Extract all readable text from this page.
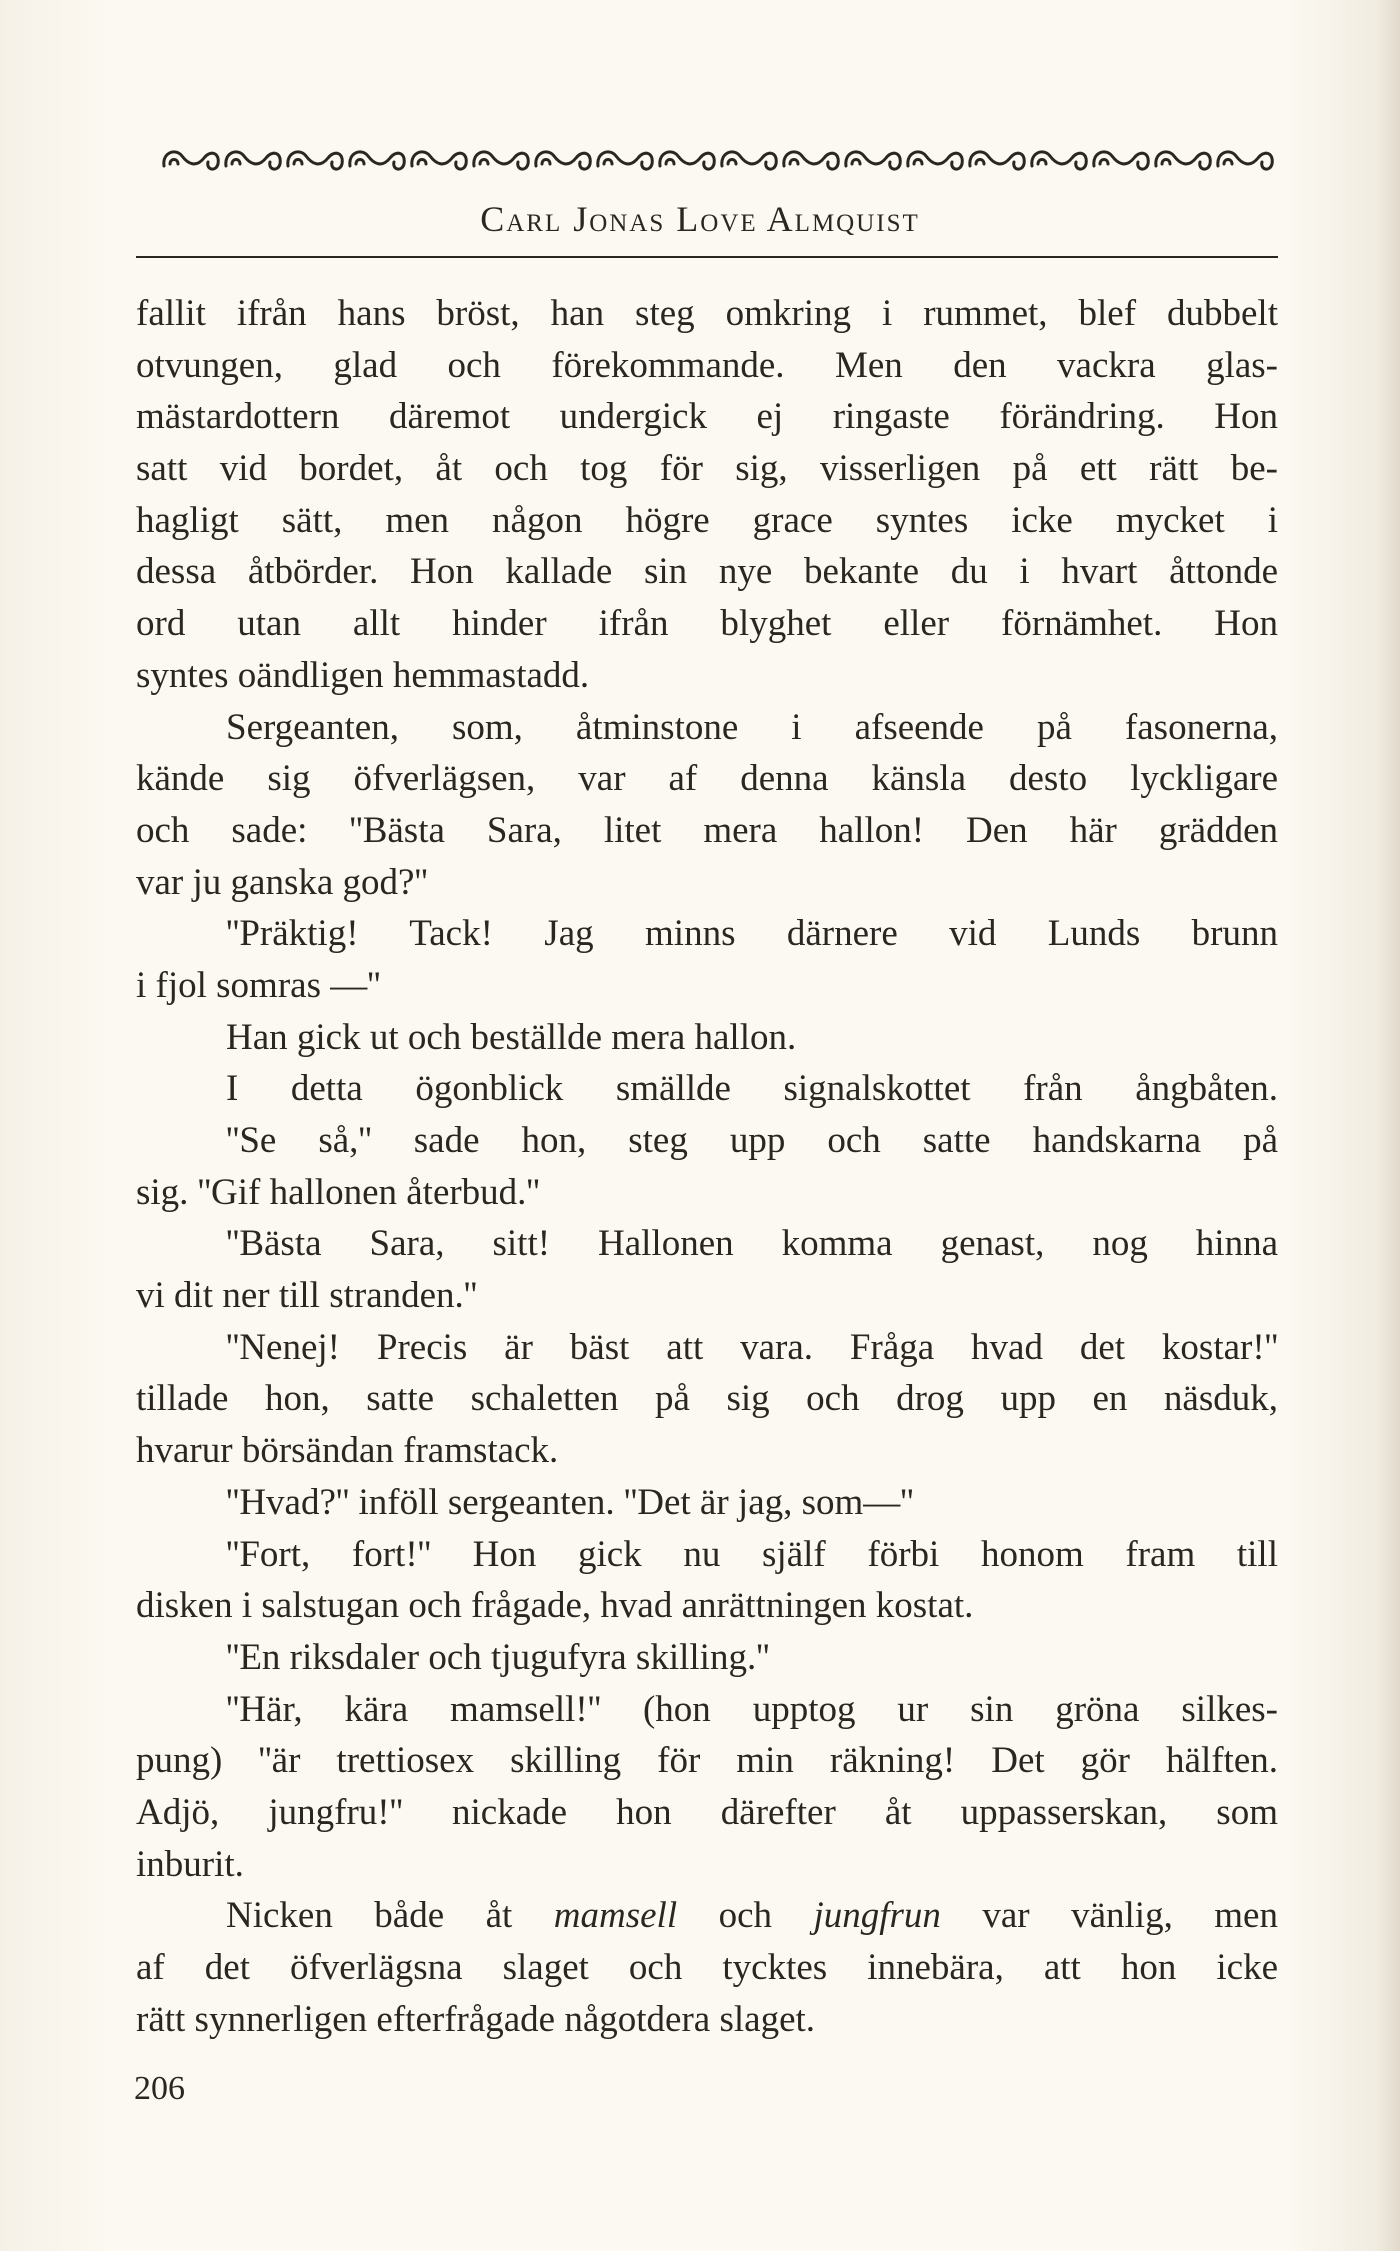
Carl Jonas Love Almquist
fallit ifrån hans bröst, han steg omkring i rummet, blef dubbelt
otvungen, glad och förekommande. Men den vackra glas-
mästardottern däremot undergick ej ringaste förändring. Hon
satt vid bordet, åt och tog för sig, visserligen på ett rätt be-
hagligt sätt, men någon högre grace syntes icke mycket i
dessa åtbörder. Hon kallade sin nye bekante du i hvart åttonde
ord utan allt hinder ifrån blyghet eller förnämhet. Hon
syntes oändligen hemmastadd.
Sergeanten, som, åtminstone i afseende på fasonerna,
kände sig öfverlägsen, var af denna känsla desto lyckligare
och sade: ''Bästa Sara, litet mera hallon! Den här grädden
var ju ganska god?''
''Präktig! Tack! Jag minns därnere vid Lunds brunn
i fjol somras —''
Han gick ut och beställde mera hallon.
I detta ögonblick smällde signalskottet från ångbåten.
''Se så,'' sade hon, steg upp och satte handskarna på
sig. ''Gif hallonen återbud.''
''Bästa Sara, sitt! Hallonen komma genast, nog hinna
vi dit ner till stranden.''
''Nenej! Precis är bäst att vara. Fråga hvad det kostar!''
tillade hon, satte schaletten på sig och drog upp en näsduk,
hvarur börsändan framstack.
''Hvad?'' inföll sergeanten. ''Det är jag, som—''
''Fort, fort!'' Hon gick nu själf förbi honom fram till
disken i salstugan och frågade, hvad anrättningen kostat.
''En riksdaler och tjugufyra skilling.''
''Här, kära mamsell!'' (hon upptog ur sin gröna silkes-
pung) ''är trettiosex skilling för min räkning! Det gör hälften.
Adjö, jungfru!'' nickade hon därefter åt uppasserskan, som
inburit.
Nicken både åt mamsell och jungfrun var vänlig, men
af det öfverlägsna slaget och tycktes innebära, att hon icke
rätt synnerligen efterfrågade någotdera slaget.
206
